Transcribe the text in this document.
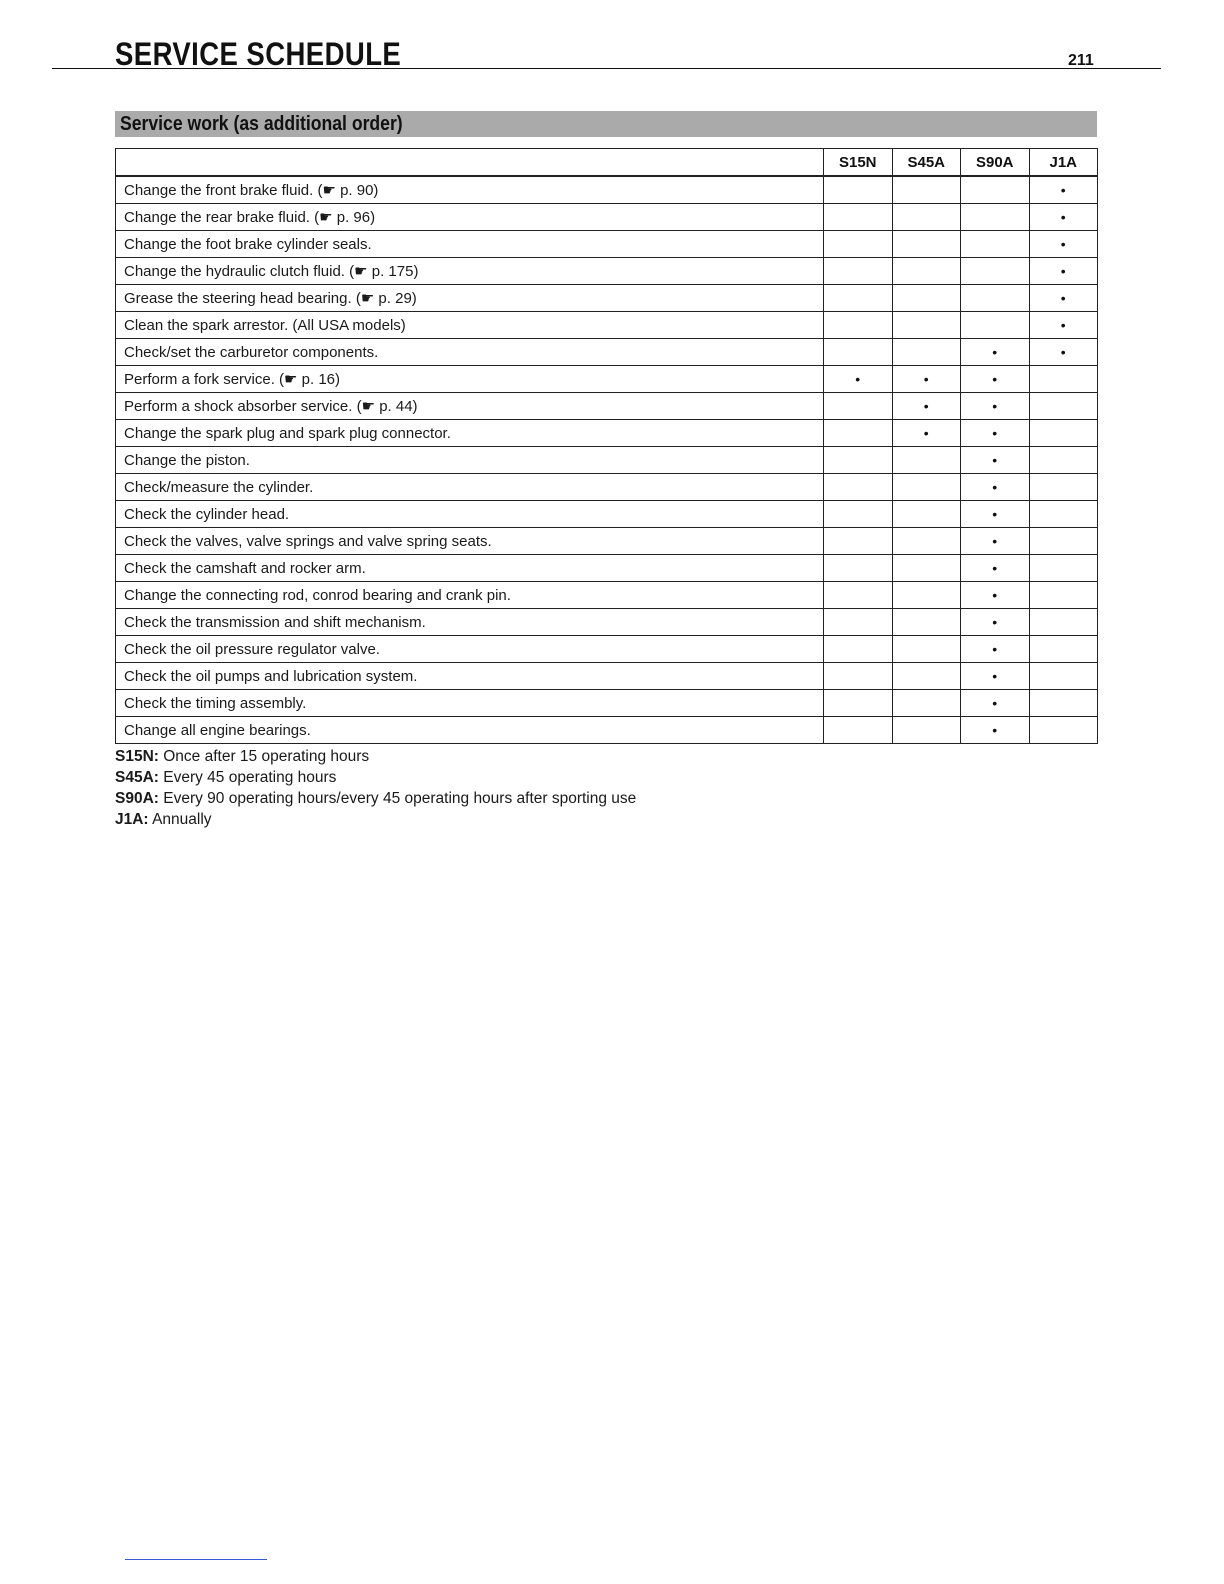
SERVICE SCHEDULE	211
Service work (as additional order)
	S15N	S45A	S90A	J1A
Change the front brake fluid. (☛ p. 90)				•
Change the rear brake fluid. (☛ p. 96)				•
Change the foot brake cylinder seals.				•
Change the hydraulic clutch fluid. (☛ p. 175)				•
Grease the steering head bearing. (☛ p. 29)				•
Clean the spark arrestor. (All USA models)				•
Check/set the carburetor components.			•	•
Perform a fork service. (☛ p. 16)	•	•	•	
Perform a shock absorber service. (☛ p. 44)		•	•	
Change the spark plug and spark plug connector.		•	•	
Change the piston.			•	
Check/measure the cylinder.			•	
Check the cylinder head.			•	
Check the valves, valve springs and valve spring seats.			•	
Check the camshaft and rocker arm.			•	
Change the connecting rod, conrod bearing and crank pin.			•	
Check the transmission and shift mechanism.			•	
Check the oil pressure regulator valve.			•	
Check the oil pumps and lubrication system.			•	
Check the timing assembly.			•	
Change all engine bearings.			•	
S15N: Once after 15 operating hours
S45A: Every 45 operating hours
S90A: Every 90 operating hours/every 45 operating hours after sporting use
J1A: Annually
